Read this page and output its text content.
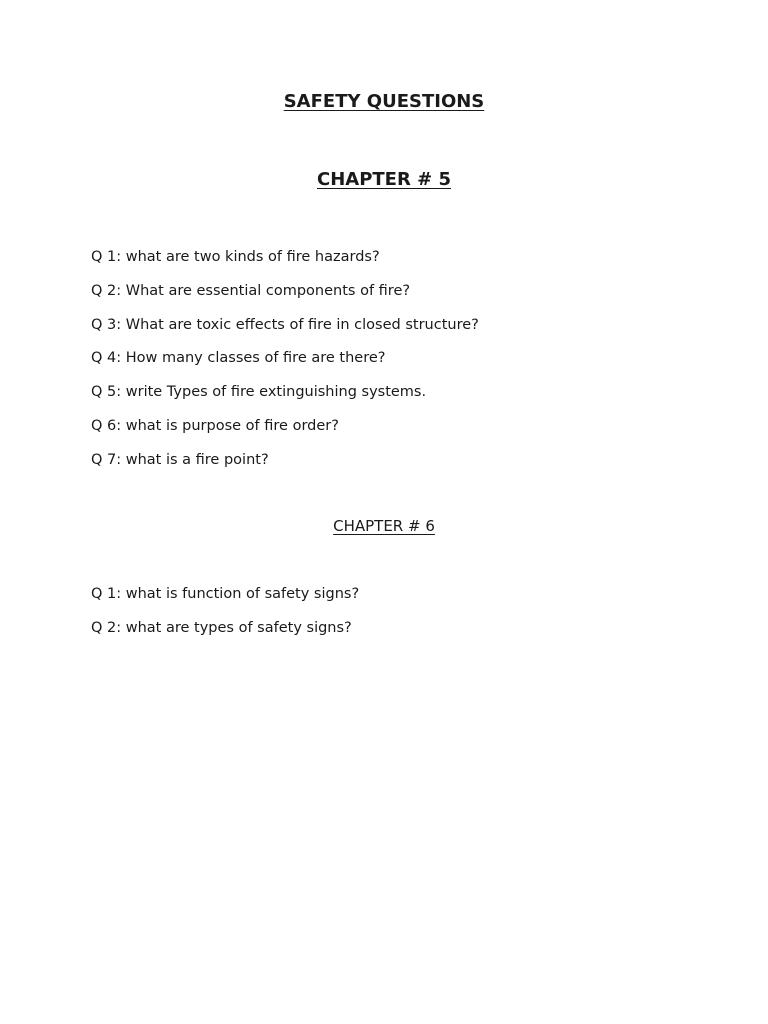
SAFETY QUESTIONS
CHAPTER # 5
Q 1: what are two kinds of fire hazards?
Q 2: What are essential components of fire?
Q 3: What are toxic effects of fire in closed structure?
Q 4: How many classes of fire are there?
Q 5: write Types of fire extinguishing systems.
Q 6: what is purpose of fire order?
Q 7: what is a fire point?
CHAPTER # 6
Q 1: what is function of safety signs?
Q 2: what are types of safety signs?
